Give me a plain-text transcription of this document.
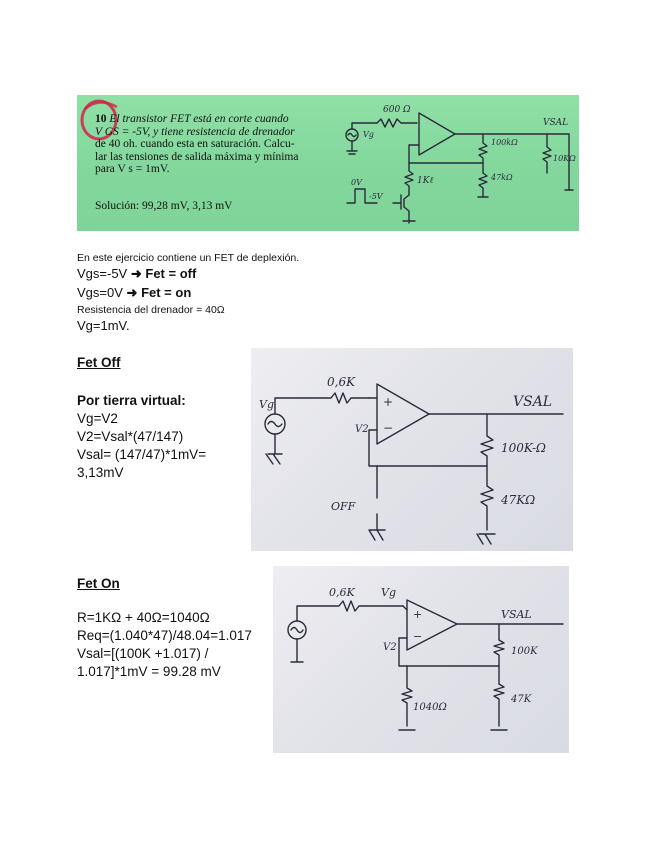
10 El transistor FET está en corte cuando
V GS = -5V, y tiene resistencia de drenador
de 40 oh. cuando esta en saturación. Calcu-
lar las tensiones de salida máxima y mínima
para V s = 1mV.
Solución: 99,28 mV, 3,13 mV
600 Ω
Vg
VSAL
100kΩ
47kΩ
10KΩ
1Kℓ
0V
-5V
En este ejercicio contiene un FET de deplexión.
Vgs=-5V ➜ Fet = off
Vgs=0V ➜ Fet = on
Resistencia del drenador = 40Ω
Vg=1mV.
Fet Off
Por tierra virtual:
Vg=V2
V2=Vsal*(47/147)
Vsal= (147/47)*1mV=
3,13mV
Vg
0,6K
+
−
V2
VSAL
100K-Ω
47KΩ
OFF
Fet On
R=1KΩ + 40Ω=1040Ω
Req=(1.040*47)/48.04=1.017
Vsal=[(100K +1.017) /
1.017]*1mV = 99.28 mV
0,6K Vg
+
−
V2
VSAL
100K
47K
1040Ω
